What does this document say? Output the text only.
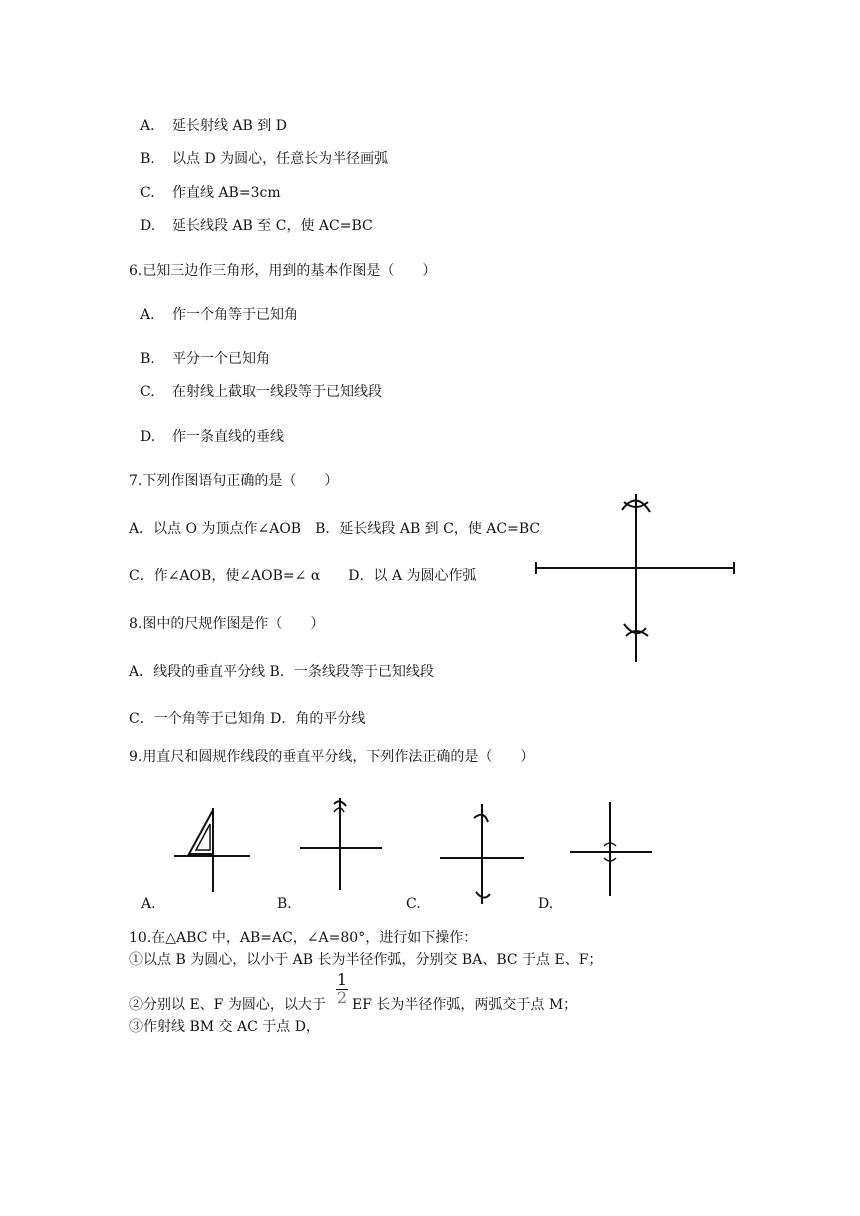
A. 延长射线 AB 到 D
B. 以点 D 为圆心，任意长为半径画弧
C. 作直线 AB=3cm
D. 延长线段 AB 至 C，使 AC=BC
6.已知三边作三角形，用到的基本作图是（　　）
A. 作一个角等于已知角
B. 平分一个已知角
C. 在射线上截取一线段等于已知线段
D. 作一条直线的垂线
7.下列作图语句正确的是（　　）
A．以点 O 为顶点作∠AOB　B．延长线段 AB 到 C，使 AC=BC
C．作∠AOB，使∠AOB=∠ α　　D．以 A 为圆心作弧
8.图中的尺规作图是作（　　）
A．线段的垂直平分线 B．一条线段等于已知线段
C．一个角等于已知角 D．角的平分线
9.用直尺和圆规作线段的垂直平分线，下列作法正确的是（　　）
A.	B.	C.	D.
10.在△ABC 中，AB=AC，∠A=80°，进行如下操作：
①以点 B 为圆心，以小于 AB 长为半径作弧，分别交 BA、BC 于点 E、F；
②分别以 E、F 为圆心，以大于
1
2 EF 长为半径作弧，两弧交于点 M；
③作射线 BM 交 AC 于点 D，
